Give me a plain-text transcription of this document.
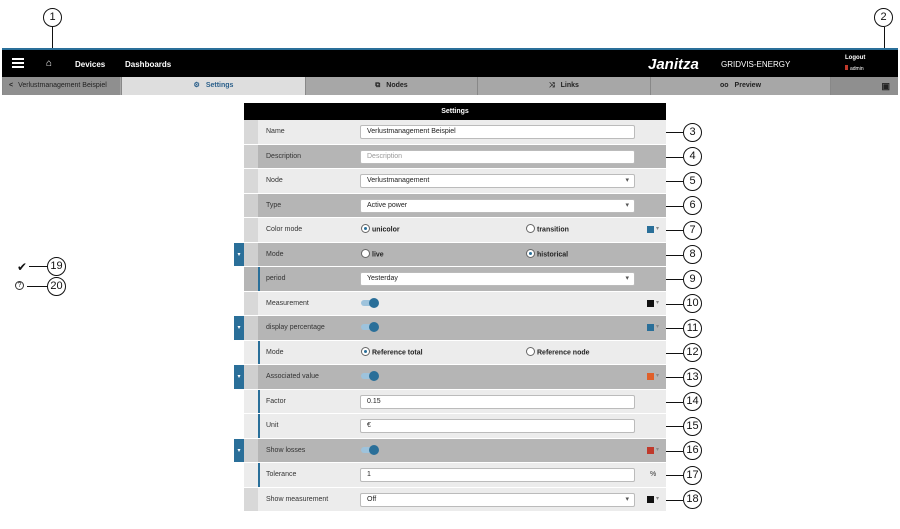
1	2
⌂	Devices Dashboards	Janitza	GRIDVIS-ENERGY
Logout
admin
< Verlustmanagement Beispiel	⚙ Settings	⧉ Nodes	⤨ Links	oo Preview	▣
✔	19
?	20
Settings
Name	Verlustmanagement Beispiel
Description	Description
Node	Verlustmanagement	▾
Type	Active power	▾
Color mode	unicolor	transition	▾
▾	Mode	live	historical
period	Yesterday	▾
Measurement	▾
▾	display percentage	▾
Mode	Reference total	Reference node
▾	Associated value	▾
Factor	0.15
Unit	€
▾	Show losses	▾
Tolerance	1	%
Show measurement	Off	▾	▾
3
4
5
6
7
8
9
10
11
12
13
14
15
16
17
18
